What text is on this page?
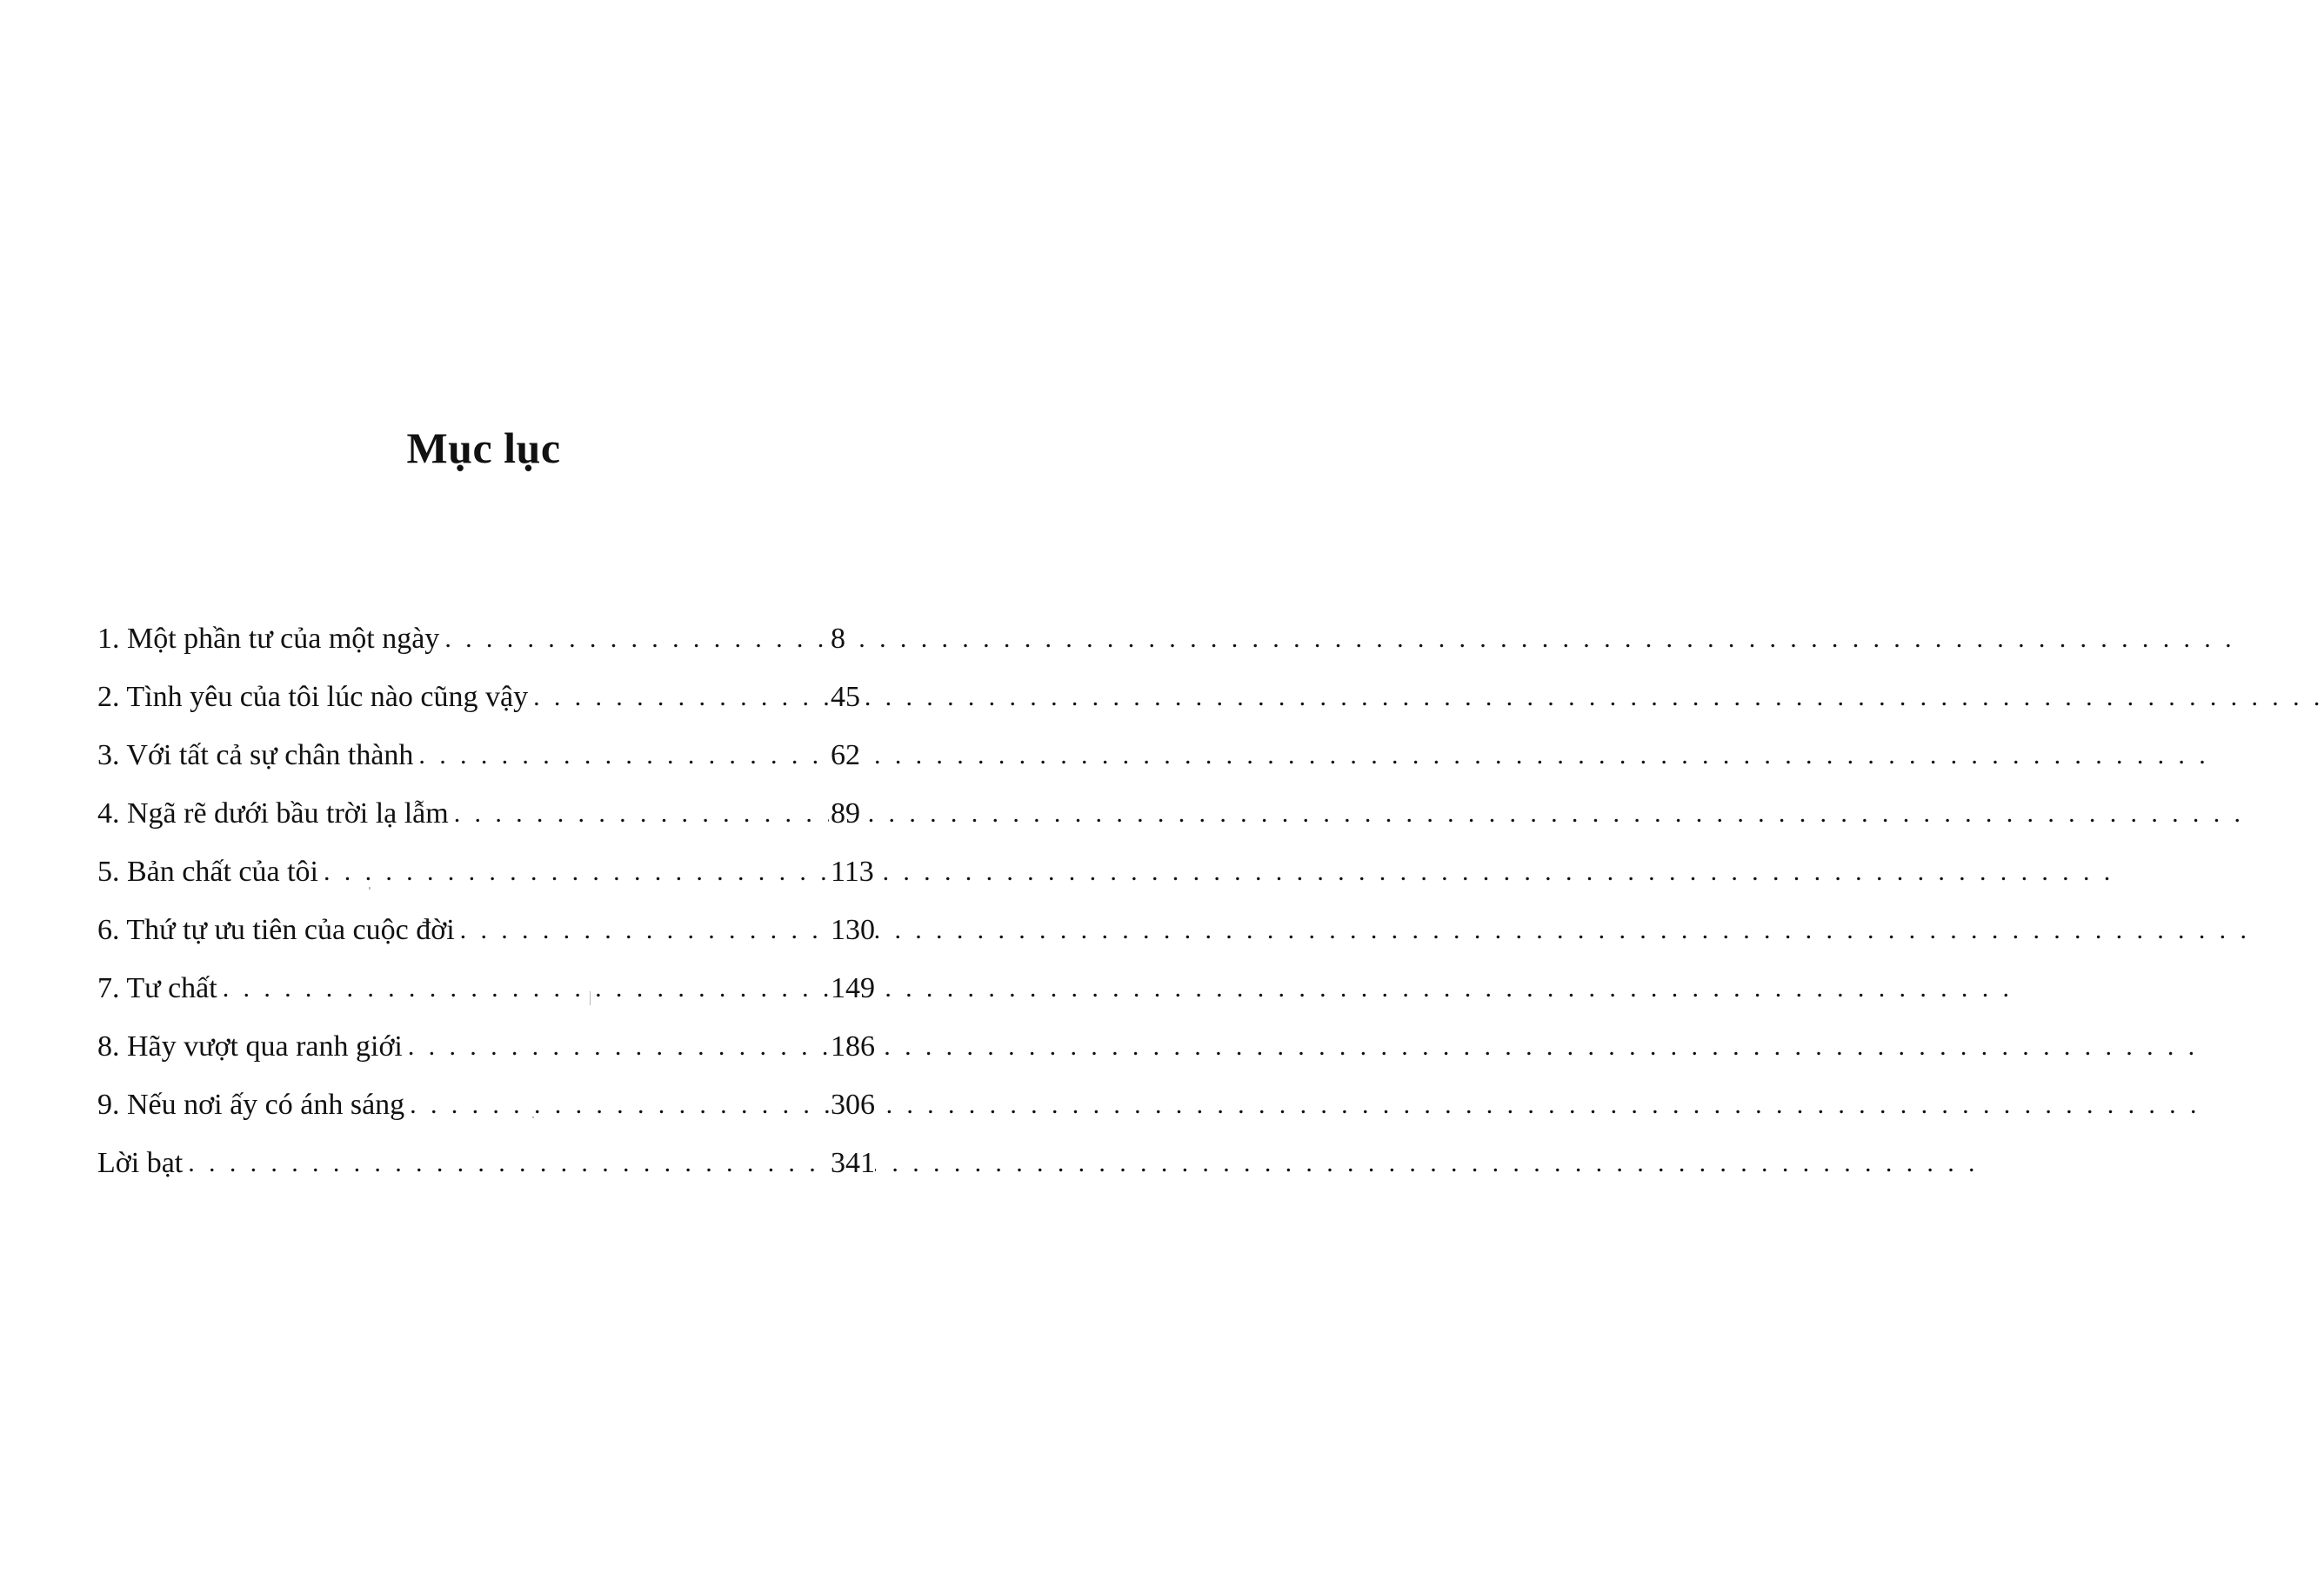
Mục lục
1. Một phần tư của một ngày . . .	8
2. Tình yêu của tôi lúc nào cũng vậy . . .	45
3. Với tất cả sự chân thành . . .	62
4. Ngã rẽ dưới bầu trời lạ lẫm . . .	89
5. Bản chất của tôi . . .	113
6. Thứ tự ưu tiên của cuộc đời . . .	130
7. Tư chất . . .	149
8. Hãy vượt qua ranh giới . . .	186
9. Nếu nơi ấy có ánh sáng . . .	306
Lời bạt . . .	341
